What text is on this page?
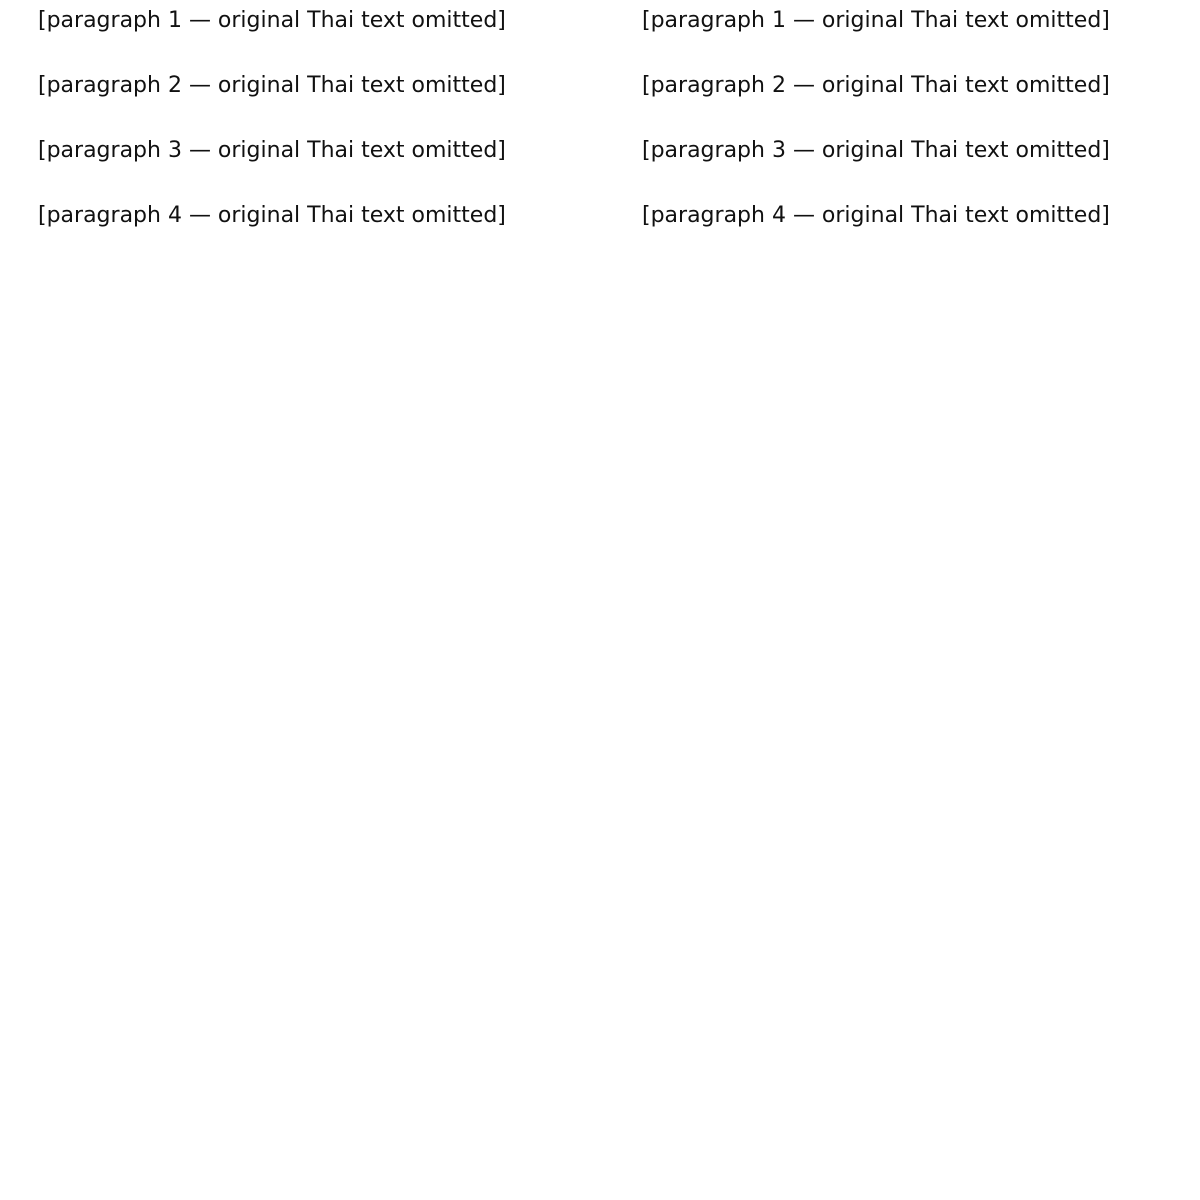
[paragraph 1 — original Thai text omitted]

[paragraph 2 — original Thai text omitted]

[paragraph 3 — original Thai text omitted]

[paragraph 4 — original Thai text omitted]

[paragraph 1 — original Thai text omitted]

[paragraph 2 — original Thai text omitted]

[paragraph 3 — original Thai text omitted]

[paragraph 4 — original Thai text omitted]
